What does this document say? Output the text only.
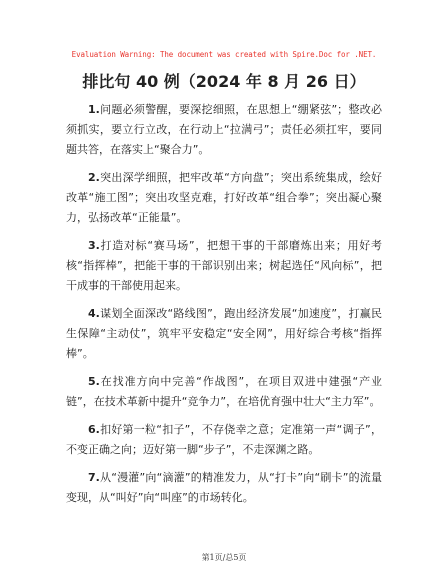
Evaluation Warning: The document was created with Spire.Doc for .NET.
排比句 40 例（2024 年 8 月 26 日）

1.问题必须警醒，要深挖细照，在思想上“绷紧弦”；整改必须抓实，要立行立改，在行动上“拉满弓”；责任必须扛牢，要同题共答，在落实上“聚合力”。

2.突出深学细照，把牢改革“方向盘”；突出系统集成，绘好改革“施工图”；突出攻坚克难，打好改革“组合拳”；突出凝心聚力，弘扬改革“正能量”。

3.打造对标“赛马场”，把想干事的干部磨炼出来；用好考核“指挥棒”，把能干事的干部识别出来；树起选任“风向标”，把干成事的干部使用起来。

4.谋划全面深改“路线图”，跑出经济发展“加速度”，打赢民生保障“主动仗”，筑牢平安稳定“安全网”，用好综合考核“指挥棒”。

5.在找准方向中完善“作战图”，在项目双进中建强“产业链”，在技术革新中提升“竞争力”，在培优育强中壮大“主力军”。

6.扣好第一粒“扣子”，不存侥幸之意；定准第一声“调子”，不变正确之向；迈好第一脚“步子”，不走深渊之路。

7.从“漫灌”向“滴灌”的精准发力，从“打卡”向“刷卡”的流量变现，从“叫好”向“叫座”的市场转化。

第1页/总5页
